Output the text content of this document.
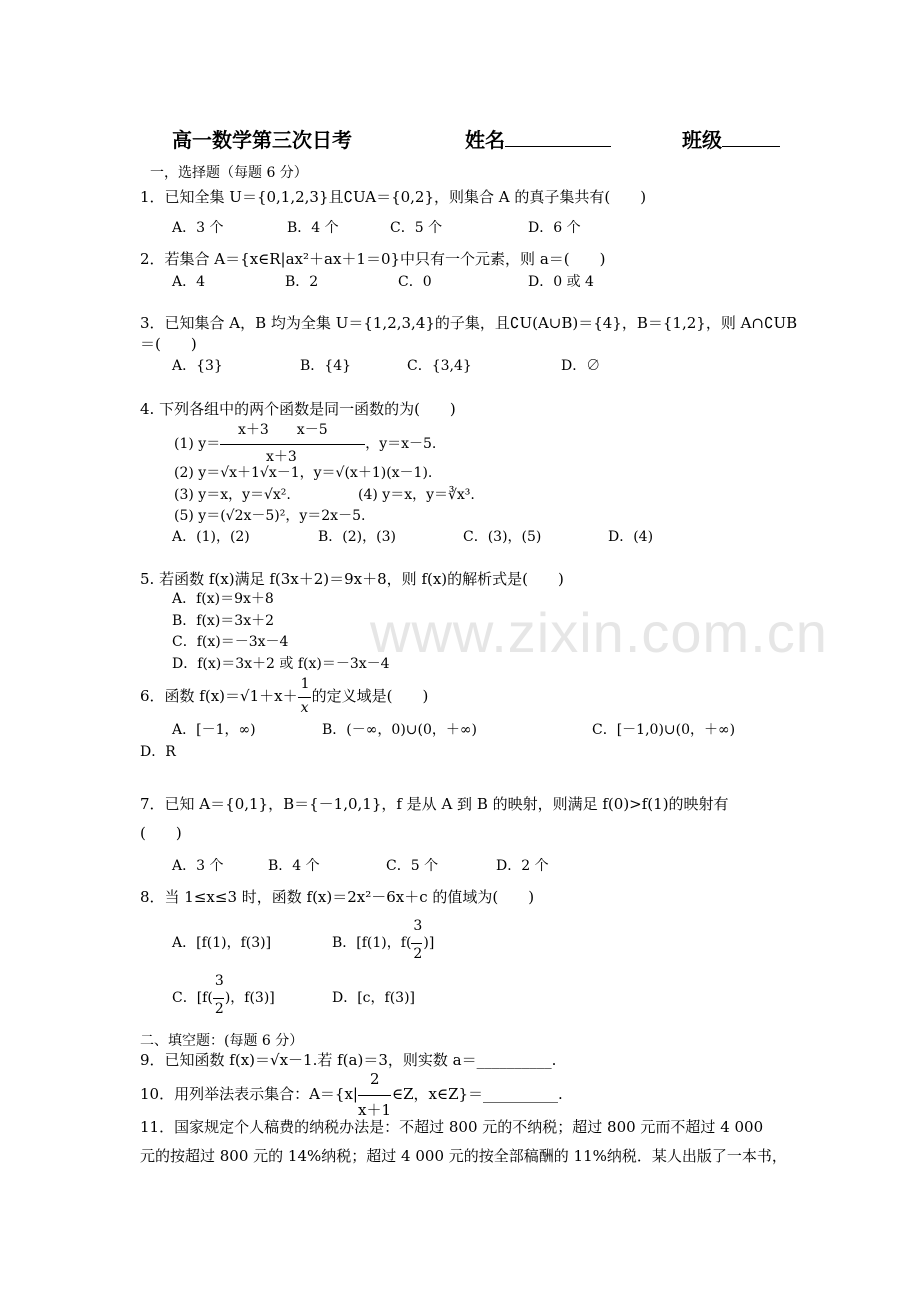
www.zixin.com.cn
高一数学第三次日考	姓名	班级
一，选择题（每题 6 分）
1．已知全集 U＝{0,1,2,3}且∁UA＝{0,2}，则集合 A 的真子集共有(　　)
A．3 个	B．4 个	C．5 个	D．6 个
2．若集合 A＝{x∈R|ax²＋ax＋1＝0}中只有一个元素，则 a＝(　　)
A．4	B．2	C．0	D．0 或 4
3．已知集合 A，B 均为全集 U＝{1,2,3,4}的子集，且∁U(A∪B)＝{4}，B＝{1,2}，则 A∩∁UB
＝(　　)
A．{3}	B．{4}	C．{3,4}	D．∅
4. 下列各组中的两个函数是同一函数的为(　　)
x＋3　　x－5
(1) y＝	，y＝x－5.
x＋3
(2) y＝√x＋1√x－1，y＝√(x＋1)(x－1).
(3) y＝x，y＝√x².	(4) y＝x，y＝∛x³.
(5) y＝(√2x－5)²，y＝2x－5.
A．(1)，(2)	B．(2)，(3)	C．(3)，(5)	D．(4)
5. 若函数 f(x)满足 f(3x＋2)＝9x＋8，则 f(x)的解析式是(　　)
A．f(x)＝9x＋8
B．f(x)＝3x＋2
C．f(x)＝－3x－4
D．f(x)＝3x＋2 或 f(x)＝－3x－4
6．函数 $f(x)=√1+x+ \frac{1}{x}$ 的定义域是(　　)
A．[－1，∞)	B．(－∞，0)∪(0，＋∞)	C．[－1,0)∪(0，＋∞)
D．R
7．已知 A＝{0,1}，B＝{－1,0,1}，f 是从 A 到 B 的映射，则满足 f(0)>f(1)的映射有
(　　)
A．3 个	B．4 个	C．5 个	D．2 个
8．当 1≤x≤3 时，函数 f(x)＝2x²－6x＋c 的值域为(　　)
A．[f(1)，f(3)]	B．[f(1)，$f( \frac{3}{2}$ )]
C．[$f( \frac{3}{2}$ )，f(3)]	D．[c，f(3)]
二、填空题：(每题 6 分）
9．已知函数 f(x)＝√x－1.若 f(a)＝3，则实数 a＝__________.
10．用列举法表示集合：$A=\{x| \frac{2}{x+1}$ ∈Z，x∈Z}＝__________.
11．国家规定个人稿费的纳税办法是：不超过 800 元的不纳税；超过 800 元而不超过 4 000
元的按超过 800 元的 14%纳税；超过 4 000 元的按全部稿酬的 11%纳税．某人出版了一本书，
